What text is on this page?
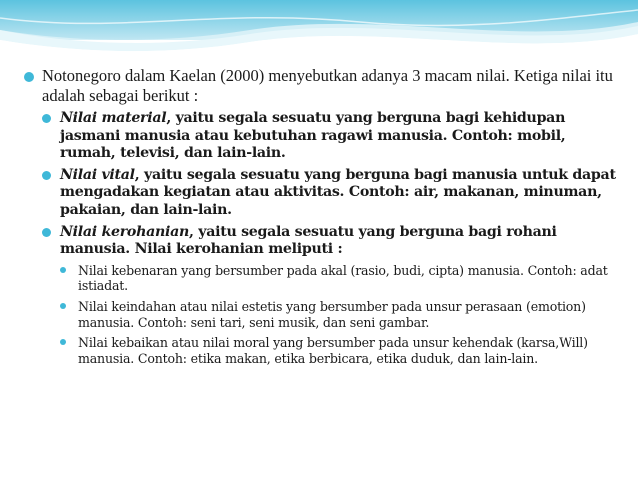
Notonegoro dalam Kaelan (2000) menyebutkan adanya 3 macam nilai. Ketiga nilai itu adalah sebagai berikut :
Nilai material, yaitu segala sesuatu yang berguna bagi kehidupan jasmani manusia atau kebutuhan ragawi manusia. Contoh: mobil, rumah, televisi, dan lain-lain.
Nilai vital, yaitu segala sesuatu yang berguna bagi manusia untuk dapat mengadakan kegiatan atau aktivitas. Contoh: air, makanan, minuman, pakaian, dan lain-lain.
Nilai kerohanian, yaitu segala sesuatu yang berguna bagi rohani manusia. Nilai kerohanian meliputi :
Nilai kebenaran yang bersumber pada akal (rasio, budi, cipta) manusia. Contoh: adat istiadat.
Nilai keindahan atau nilai estetis yang bersumber pada unsur perasaan (emotion) manusia. Contoh: seni tari, seni musik, dan seni gambar.
Nilai kebaikan atau nilai moral yang bersumber pada unsur kehendak (karsa,Will) manusia. Contoh: etika makan, etika berbicara, etika duduk, dan lain-lain.
